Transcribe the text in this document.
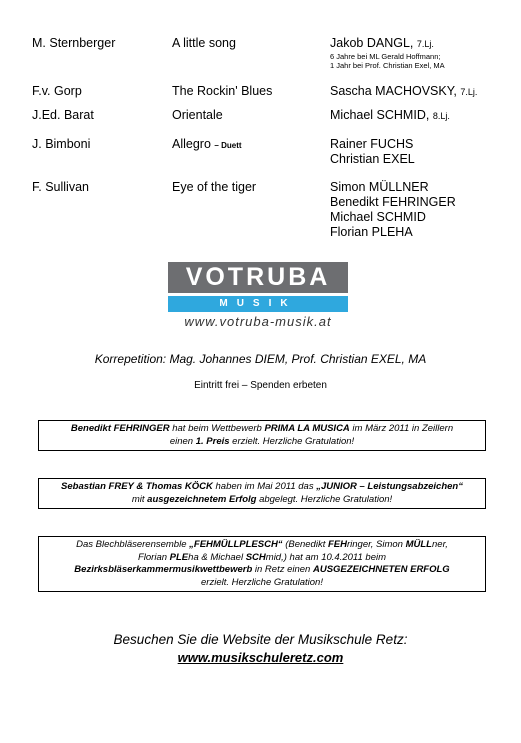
M. Sternberger	A little song	Jakob DANGL, 7.Lj.
6 Jahre bei ML Gerald Hoffmann;
1 Jahr bei Prof. Christian Exel, MA
F.v. Gorp	The Rockin' Blues	Sascha MACHOVSKY, 7.Lj.
J.Ed. Barat	Orientale	Michael SCHMID, 8.Lj.
J. Bimboni	Allegro – Duett	Rainer FUCHS
Christian EXEL
F. Sullivan	Eye of the tiger	Simon MÜLLNER
Benedikt FEHRINGER
Michael SCHMID
Florian PLEHA
VOTRUBA
MUSIK
www.votruba-musik.at
Korrepetition: Mag. Johannes DIEM, Prof. Christian EXEL, MA
Eintritt frei – Spenden erbeten
Benedikt FEHRINGER hat beim Wettbewerb PRIMA LA MUSICA im März 2011 in Zeillern
einen 1. Preis erzielt. Herzliche Gratulation!
Sebastian FREY & Thomas KÖCK haben im Mai 2011 das „JUNIOR – Leistungsabzeichen“
mit ausgezeichnetem Erfolg abgelegt. Herzliche Gratulation!
Das Blechbläserensemble „FEHMÜLLPLESCH“ (Benedikt FEHringer, Simon MÜLLner,
Florian PLEha & Michael SCHmid,) hat am 10.4.2011 beim
Bezirksbläserkammermusikwettbewerb in Retz einen AUSGEZEICHNETEN ERFOLG
erzielt. Herzliche Gratulation!
Besuchen Sie die Website der Musikschule Retz:
www.musikschuleretz.com
